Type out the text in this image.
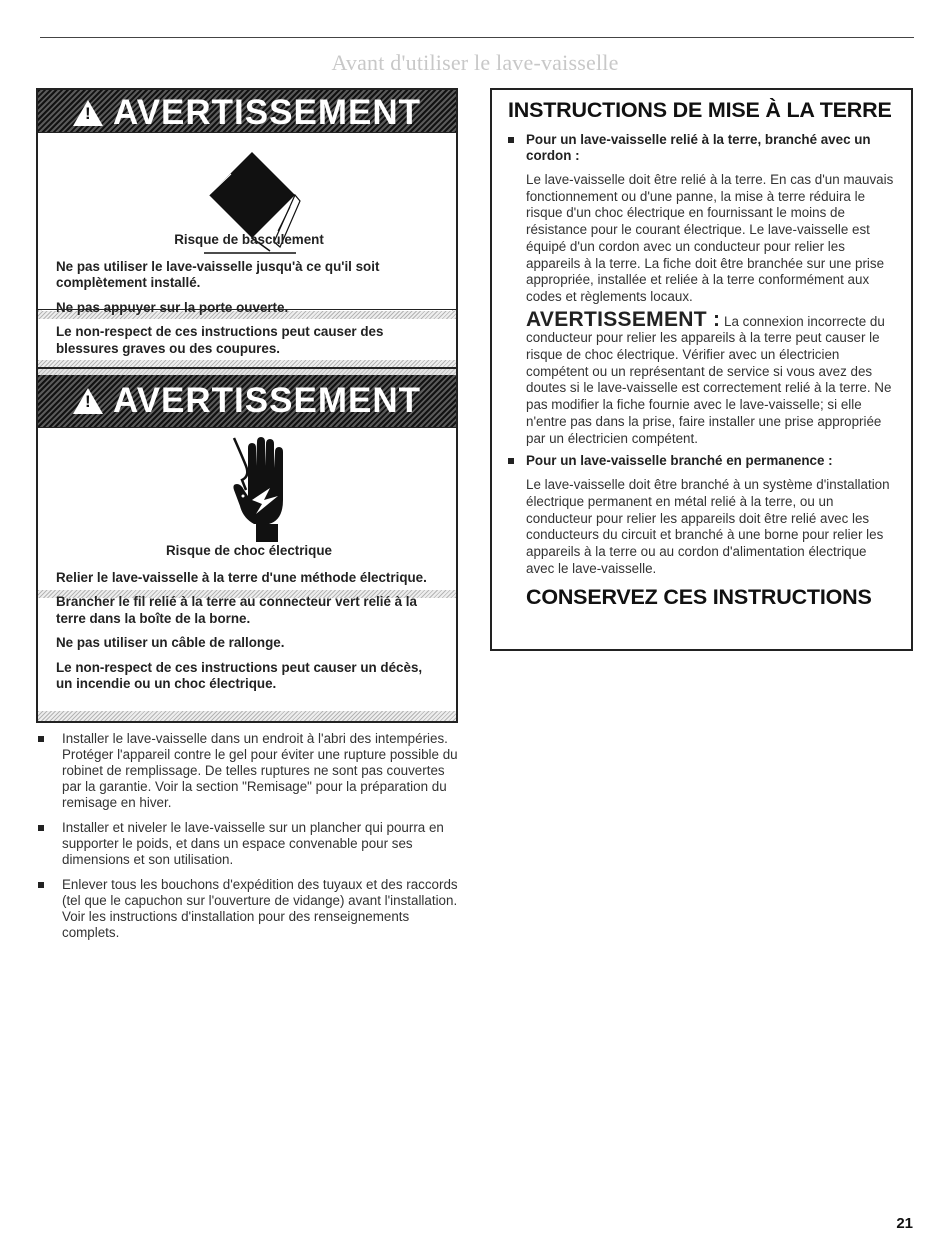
Avant d'utiliser le lave-vaisselle
!
AVERTISSEMENT
Risque de basculement

Ne pas utiliser le lave-vaisselle jusqu'à ce qu'il soit complètement installé.

Ne pas appuyer sur la porte ouverte.

Le non-respect de ces instructions peut causer des blessures graves ou des coupures.

!
AVERTISSEMENT
Risque de choc électrique

Relier le lave-vaisselle à la terre d'une méthode électrique.

Brancher le fil relié à la terre au connecteur vert relié à la terre dans la boîte de la borne.

Ne pas utiliser un câble de rallonge.

Le non-respect de ces instructions peut causer un décès, un incendie ou un choc électrique.

Installer le lave-vaisselle dans un endroit à l'abri des intempéries. Protéger l'appareil contre le gel pour éviter une rupture possible du robinet de remplissage. De telles ruptures ne sont pas couvertes par la garantie. Voir la section "Remisage" pour la préparation du remisage en hiver.
Installer et niveler le lave-vaisselle sur un plancher qui pourra en supporter le poids, et dans un espace convenable pour ses dimensions et son utilisation.
Enlever tous les bouchons d'expédition des tuyaux et des raccords (tel que le capuchon sur l'ouverture de vidange) avant l'installation. Voir les instructions d'installation pour des renseignements complets.
INSTRUCTIONS DE MISE À LA TERRE
Pour un lave-vaisselle relié à la terre, branché avec un cordon :
Le lave-vaisselle doit être relié à la terre. En cas d'un mauvais fonctionnement ou d'une panne, la mise à terre réduira le risque d'un choc électrique en fournissant le moins de résistance pour le courant électrique. Le lave-vaisselle est équipé d'un cordon avec un conducteur pour relier les appareils à la terre. La fiche doit être branchée sur une prise appropriée, installée et reliée à la terre conformément aux codes et règlements locaux.
AVERTISSEMENT : La connexion incorrecte du conducteur pour relier les appareils à la terre peut causer le risque de choc électrique. Vérifier avec un électricien compétent ou un représentant de service si vous avez des doutes si le lave-vaisselle est correctement relié à la terre. Ne pas modifier la fiche fournie avec le lave-vaisselle; si elle n'entre pas dans la prise, faire installer une prise appropriée par un électricien compétent.
Pour un lave-vaisselle branché en permanence :
Le lave-vaisselle doit être branché à un système d'installation électrique permanent en métal relié à la terre, ou un conducteur pour relier les appareils doit être relié avec les conducteurs du circuit et branché à une borne pour relier les appareils à la terre ou au cordon d'alimentation électrique avec le lave-vaisselle.
CONSERVEZ CES INSTRUCTIONS
21
